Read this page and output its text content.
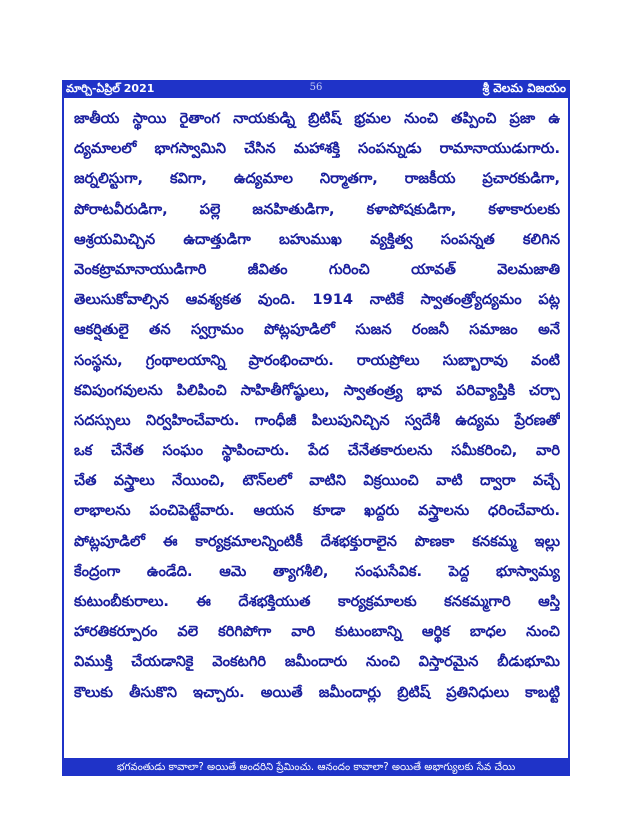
మార్చి-ఏప్రిల్ 2021	56	శ్రీ వెలమ విజయం
జాతీయ స్థాయి రైతాంగ నాయకుడ్ని బ్రిటిష్ భ్రమల నుంచి తప్పించి ప్రజా ఉ
ద్యమాలలో భాగస్వామిని చేసిన మహాశక్తి సంపన్నుడు రామానాయుడుగారు.
జర్నలిస్టుగా, కవిగా, ఉద్యమాల నిర్మాతగా, రాజకీయ ప్రచారకుడిగా,
పోరాటవీరుడిగా, పల్లె జనహితుడిగా, కళాపోషకుడిగా, కళాకారులకు
ఆశ్రయమిచ్చిన ఉదాత్తుడిగా బహుముఖ వ్యక్తిత్వ సంపన్నత కలిగిన
వెంకట్రామానాయుడిగారి జీవితం గురించి యావత్ వెలమజాతి
తెలుసుకోవాల్సిన ఆవశ్యకత వుంది. 1914 నాటికే స్వాతంత్ర్యోద్యమం పట్ల
ఆకర్షితులై తన స్వగ్రామం పోట్లపూడిలో సుజన రంజనీ సమాజం అనే
సంస్థను, గ్రంథాలయాన్ని ప్రారంభించారు. రాయప్రోలు సుబ్బారావు వంటి
కవిపుంగవులను పిలిపించి సాహితీగోష్ఠులు, స్వాతంత్ర్య భావ పరివ్యాప్తికి చర్చా
సదస్సులు నిర్వహించేవారు. గాంధీజీ పిలుపునిచ్చిన స్వదేశీ ఉద్యమ ప్రేరణతో
ఒక చేనేత సంఘం స్థాపించారు. పేద చేనేతకారులను సమీకరించి, వారి
చేత వస్త్రాలు నేయించి, టౌన్‌లలో వాటిని విక్రయించి వాటి ద్వారా వచ్చే
లాభాలను పంచిపెట్టేవారు. ఆయన కూడా ఖద్దరు వస్త్రాలను ధరించేవారు.
పోట్లపూడిలో ఈ కార్యక్రమాలన్నింటికీ దేశభక్తురాలైన పొణకా కనకమ్మ ఇల్లు
కేంద్రంగా ఉండేది. ఆమె త్యాగశీలి, సంఘసేవిక. పెద్ద భూస్వామ్య
కుటుంబీకురాలు. ఈ దేశభక్తియుత కార్యక్రమాలకు కనకమ్మగారి ఆస్తి
హారతికర్పూరం వలె కరిగిపోగా వారి కుటుంబాన్ని ఆర్థిక బాధల నుంచి
విముక్తి చేయడానికై వెంకటగిరి జమీందారు నుంచి విస్తారమైన బీడుభూమి
కౌలుకు తీసుకొని ఇచ్చారు. అయితే జమీందార్లు బ్రిటిష్ ప్రతినిధులు కాబట్టి
భగవంతుడు కావాలా? అయితే అందరిని ప్రేమించు. ఆనందం కావాలా? అయితే అభాగ్యులకు సేవ చేయి
